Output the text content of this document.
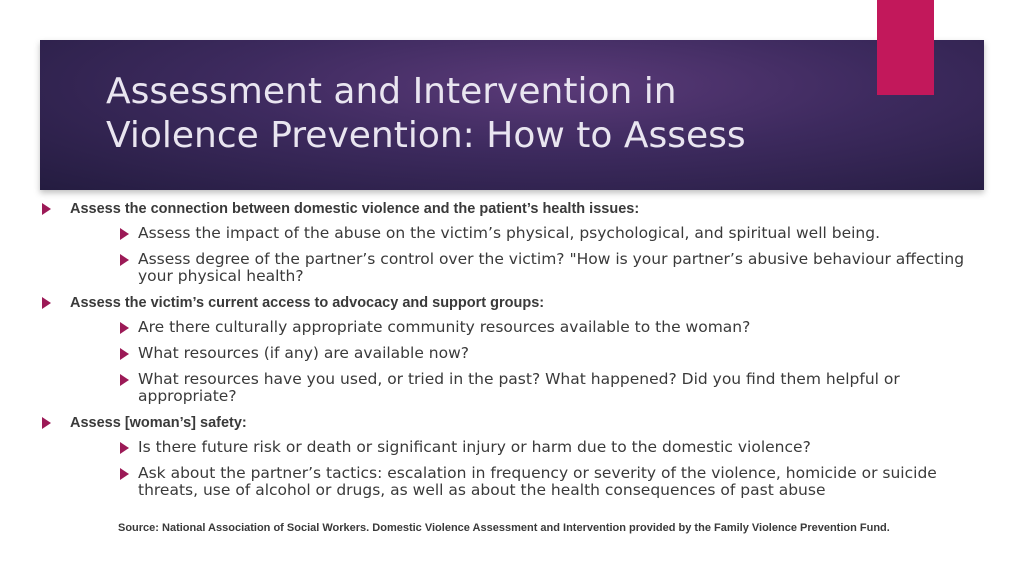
Assessment and Intervention in
Violence Prevention: How to Assess
Assess the connection between domestic violence and the patient’s health issues:
Assess the impact of the abuse on the victim’s physical, psychological, and spiritual well being.
Assess degree of the partner’s control over the victim? "How is your partner’s abusive behaviour affecting your physical health?
Assess the victim’s current access to advocacy and support groups:
Are there culturally appropriate community resources available to the woman?
What resources (if any) are available now?
What resources have you used, or tried in the past? What happened? Did you find them helpful or appropriate?
Assess [woman’s] safety:
Is there future risk or death or significant injury or harm due to the domestic violence?
Ask about the partner’s tactics: escalation in frequency or severity of the violence, homicide or suicide threats, use of alcohol or drugs, as well as about the health consequences of past abuse
Source: National Association of Social Workers. Domestic Violence Assessment and Intervention provided by the Family Violence Prevention Fund.
